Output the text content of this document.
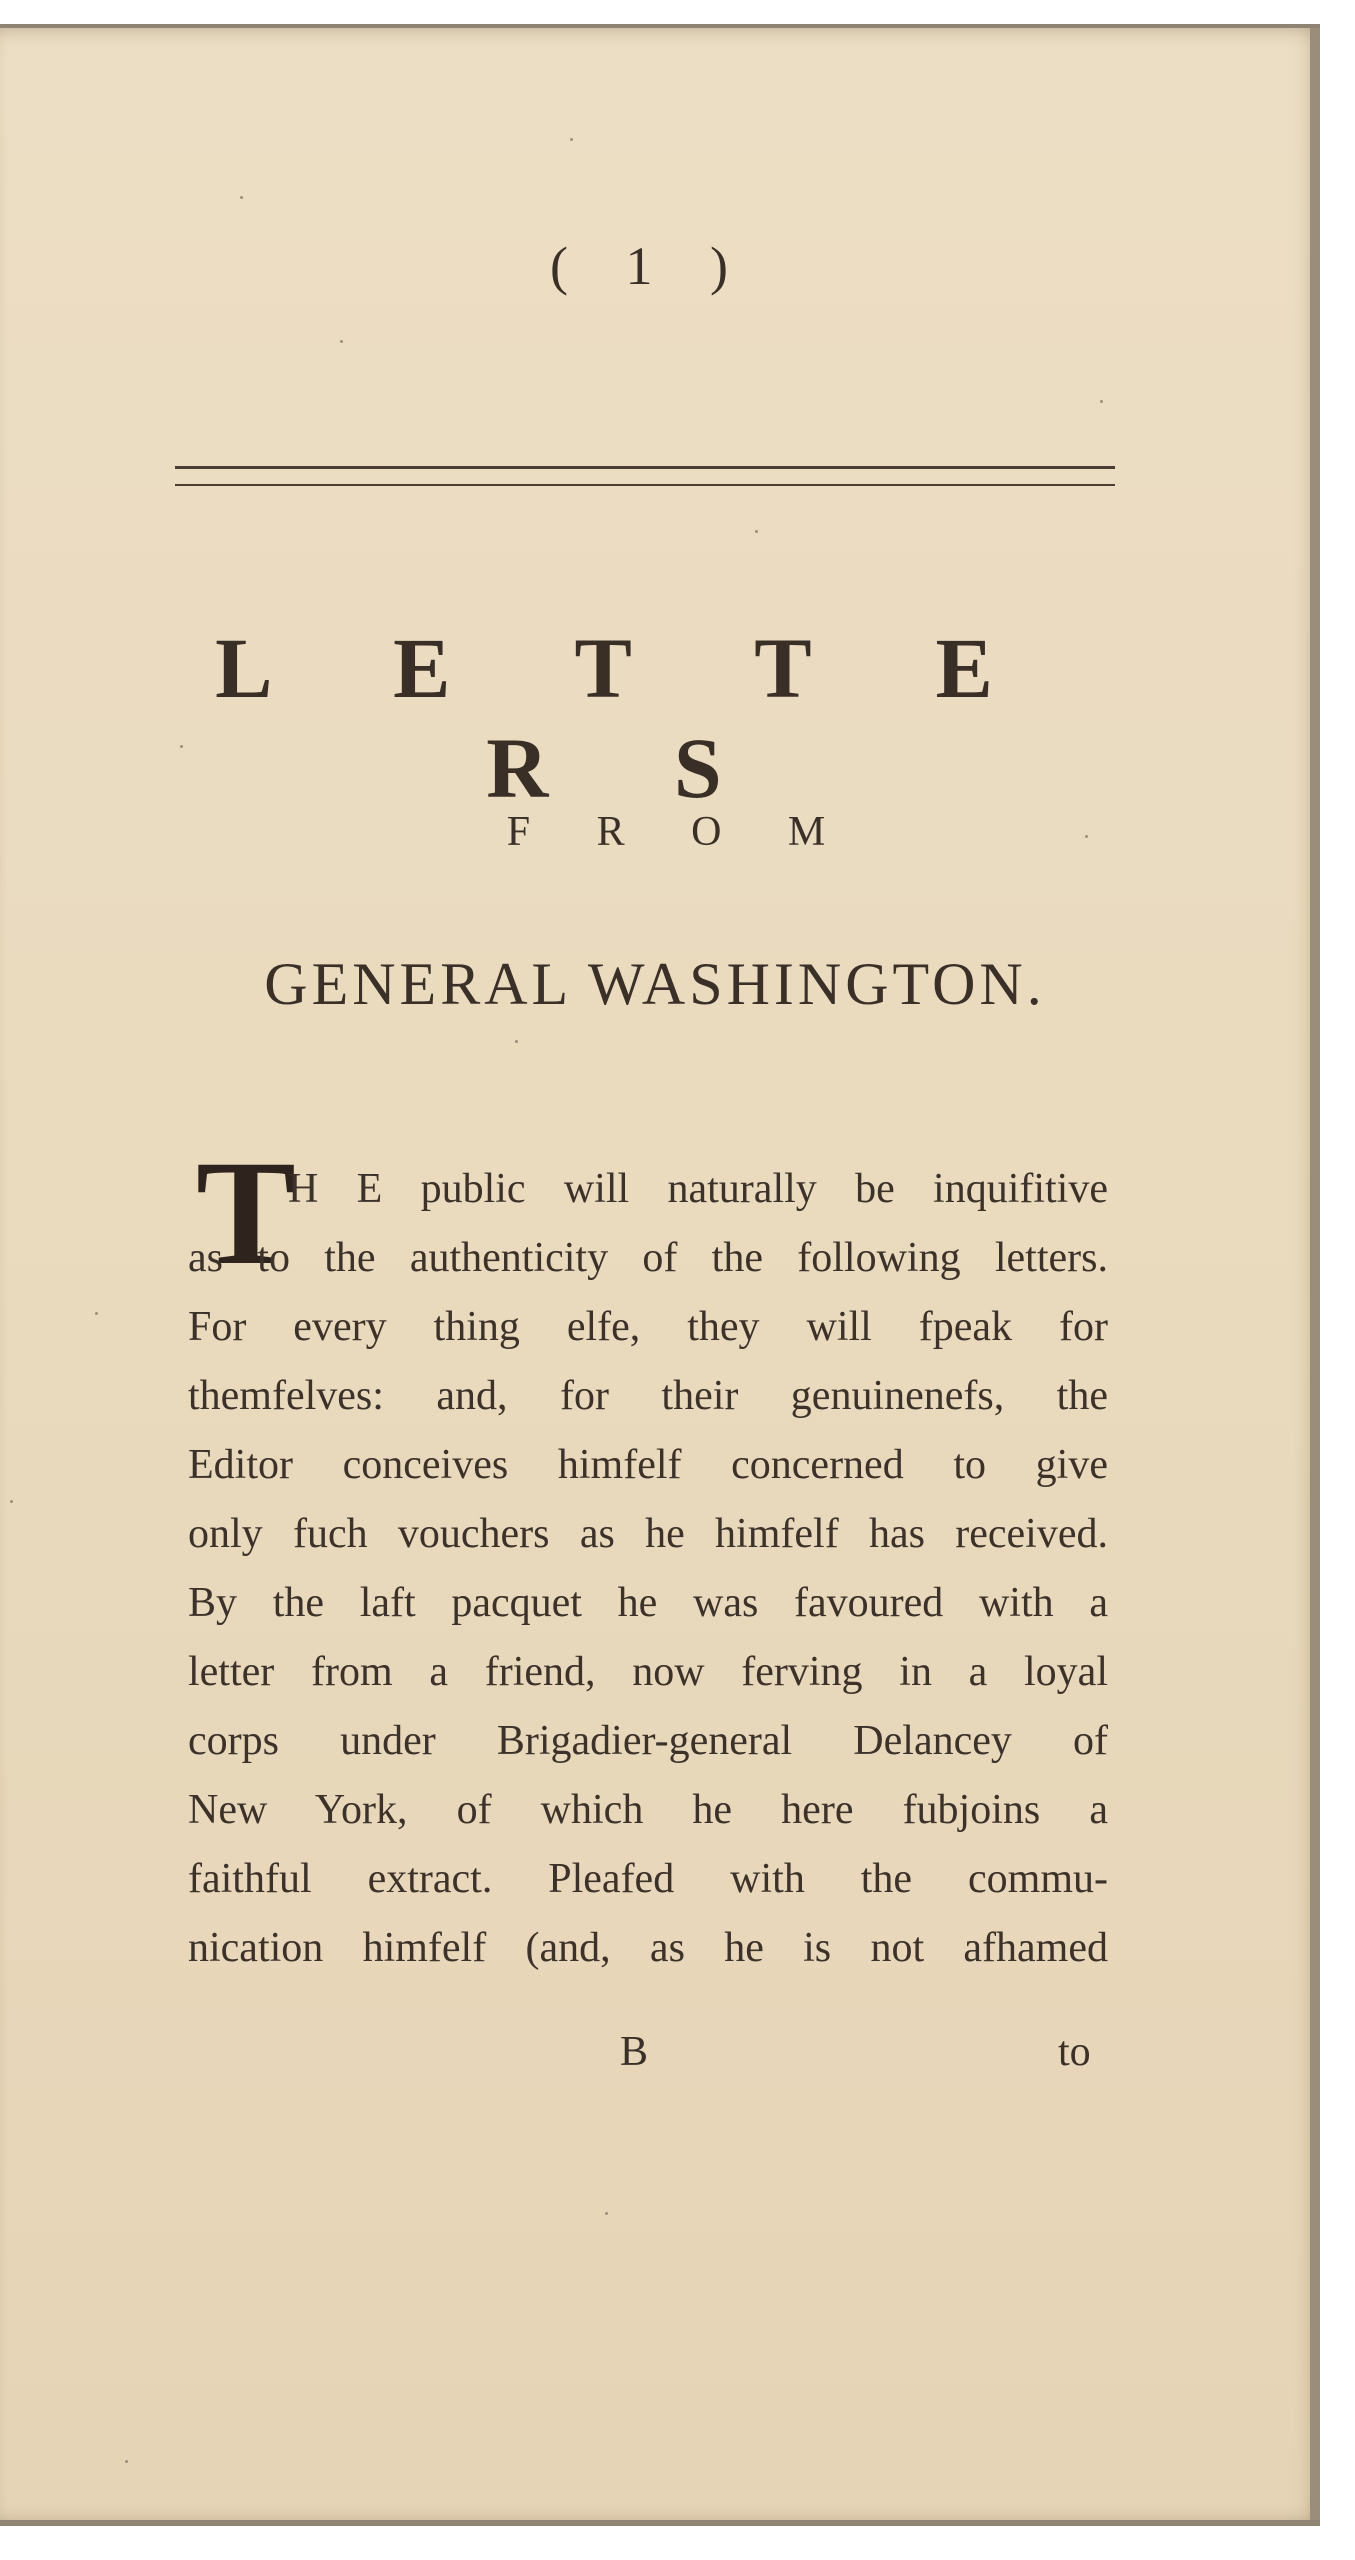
( 1 )
L E T T E R S
F R O M
GENERAL WASHINGTON.
T
H E public will naturally be inquifitive
as to the authenticity of the following letters.
For every thing elfe, they will fpeak for
themfelves: and, for their genuinenefs, the
Editor conceives himfelf concerned to give
only fuch vouchers as he himfelf has received.
By the laft pacquet he was favoured with a
letter from a friend, now ferving in a loyal
corps under Brigadier-general Delancey of
New York, of which he here fubjoins a
faithful extract. Pleafed with the commu-
nication himfelf (and, as he is not afhamed
B	to
